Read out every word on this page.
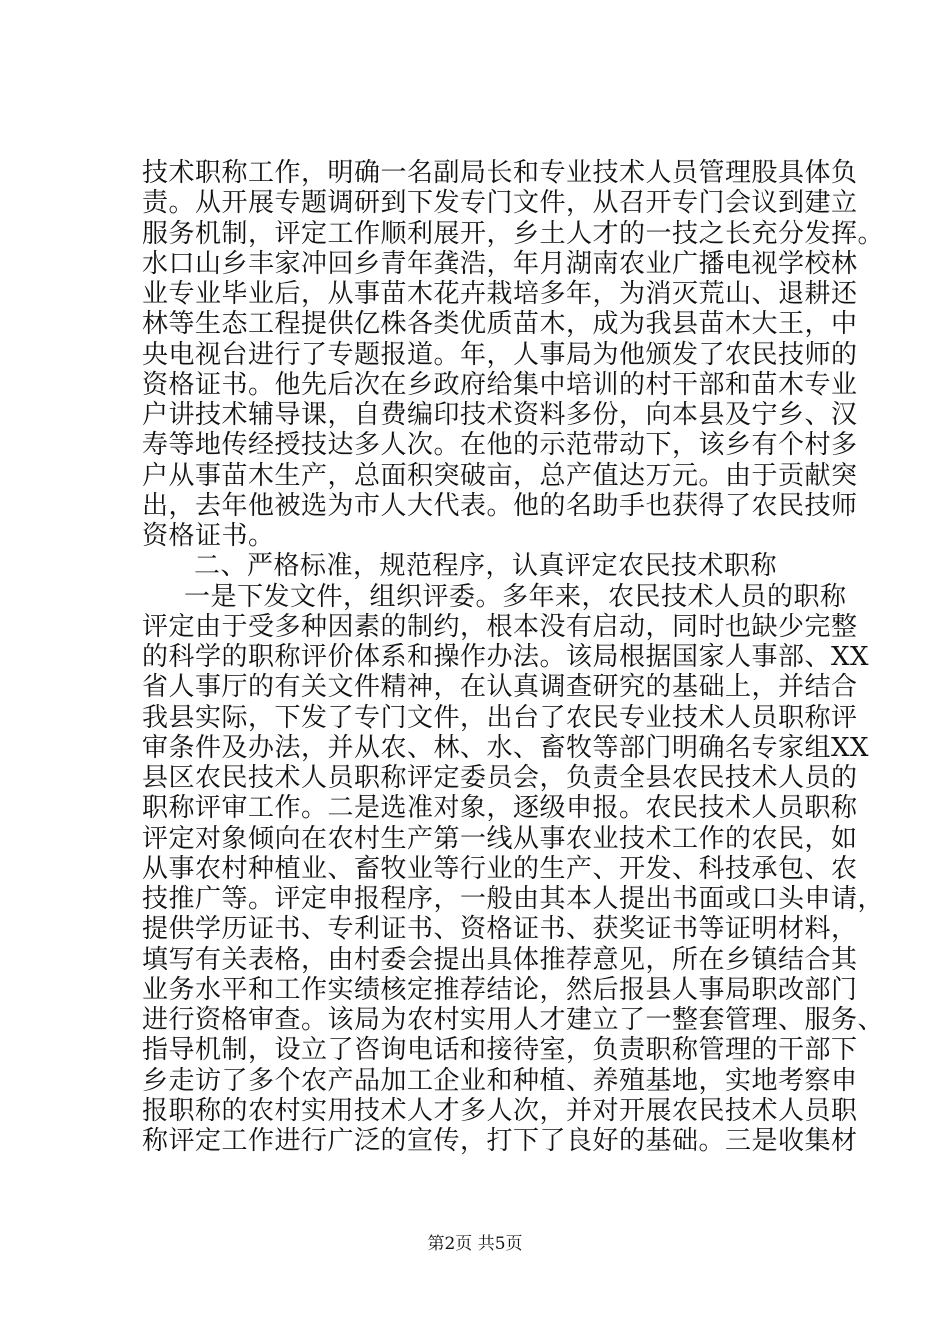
技术职称工作，明确一名副局长和专业技术人员管理股具体负
责。从开展专题调研到下发专门文件，从召开专门会议到建立
服务机制，评定工作顺利展开，乡土人才的一技之长充分发挥。
水口山乡丰家冲回乡青年龚浩，年月湖南农业广播电视学校林
业专业毕业后，从事苗木花卉栽培多年，为消灭荒山、退耕还
林等生态工程提供亿株各类优质苗木，成为我县苗木大王，中
央电视台进行了专题报道。年，人事局为他颁发了农民技师的
资格证书。他先后次在乡政府给集中培训的村干部和苗木专业
户讲技术辅导课，自费编印技术资料多份，向本县及宁乡、汉
寿等地传经授技达多人次。在他的示范带动下，该乡有个村多
户从事苗木生产，总面积突破亩，总产值达万元。由于贡献突
出，去年他被选为市人大代表。他的名助手也获得了农民技师
资格证书。
二、严格标准，规范程序，认真评定农民技术职称
一是下发文件，组织评委。多年来，农民技术人员的职称
评定由于受多种因素的制约，根本没有启动，同时也缺少完整
的科学的职称评价体系和操作办法。该局根据国家人事部、XX
省人事厅的有关文件精神，在认真调查研究的基础上，并结合
我县实际，下发了专门文件，出台了农民专业技术人员职称评
审条件及办法，并从农、林、水、畜牧等部门明确名专家组XX
县区农民技术人员职称评定委员会，负责全县农民技术人员的
职称评审工作。二是选准对象，逐级申报。农民技术人员职称
评定对象倾向在农村生产第一线从事农业技术工作的农民，如
从事农村种植业、畜牧业等行业的生产、开发、科技承包、农
技推广等。评定申报程序，一般由其本人提出书面或口头申请，
提供学历证书、专利证书、资格证书、获奖证书等证明材料，
填写有关表格，由村委会提出具体推荐意见，所在乡镇结合其
业务水平和工作实绩核定推荐结论，然后报县人事局职改部门
进行资格审查。该局为农村实用人才建立了一整套管理、服务、
指导机制，设立了咨询电话和接待室，负责职称管理的干部下
乡走访了多个农产品加工企业和种植、养殖基地，实地考察申
报职称的农村实用技术人才多人次，并对开展农民技术人员职
称评定工作进行广泛的宣传，打下了良好的基础。三是收集材
第2页 共5页
